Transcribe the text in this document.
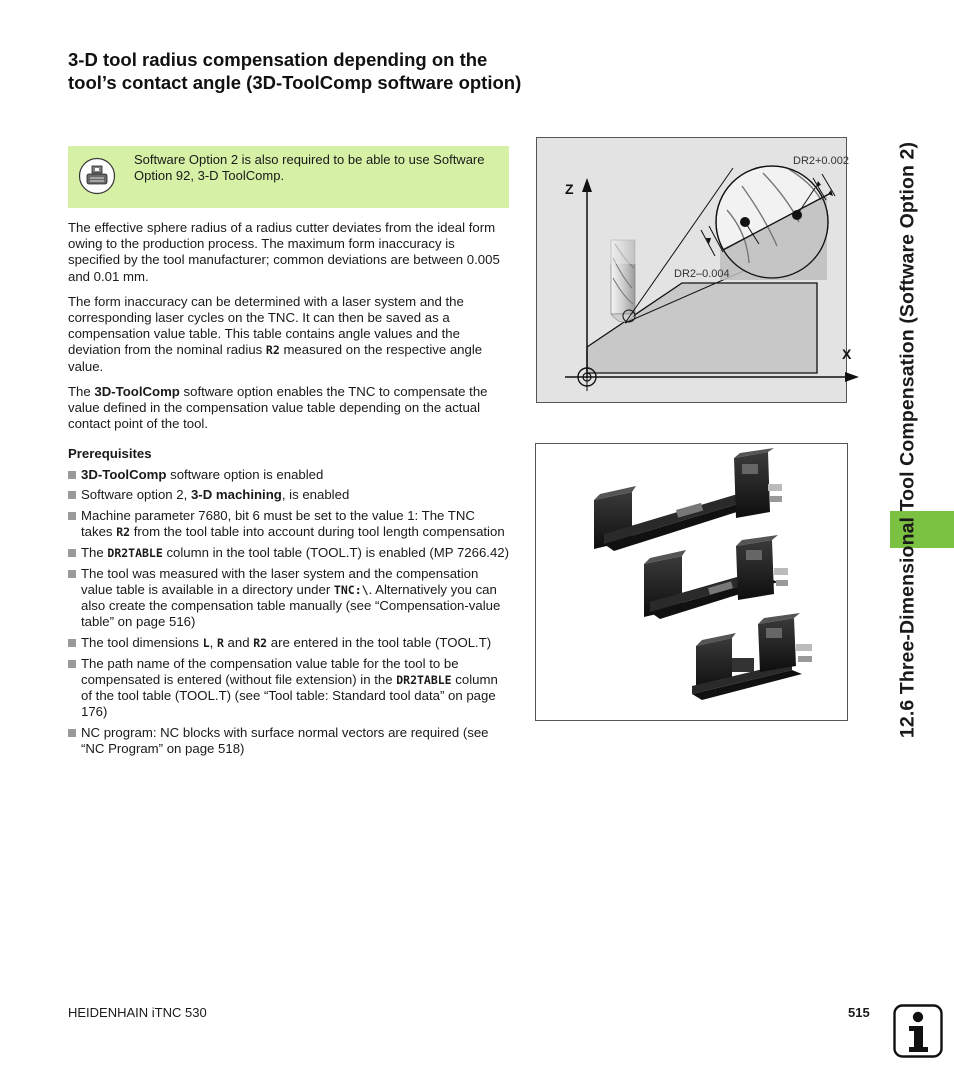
3-D tool radius compensation depending on the tool’s contact angle (3D-ToolComp software option)
Software Option 2 is also required to be able to use Software Option 92, 3-D ToolComp.

The effective sphere radius of a radius cutter deviates from the ideal form owing to the production process. The maximum form inaccuracy is specified by the tool manufacturer; common deviations are between 0.005 and 0.01 mm.

The form inaccuracy can be determined with a laser system and the corresponding laser cycles on the TNC. It can then be saved as a compensation value table. This table contains angle values and the deviation from the nominal radius R2 measured on the respective angle value.

The 3D-ToolComp software option enables the TNC to compensate the value defined in the compensation value table depending on the actual contact point of the tool.

Prerequisites
3D-ToolComp software option is enabled
Software option 2, 3-D machining, is enabled
Machine parameter 7680, bit 6 must be set to the value 1: The TNC takes R2 from the tool table into account during tool length compensation
The DR2TABLE column in the tool table (TOOL.T) is enabled (MP 7266.42)
The tool was measured with the laser system and the compensation value table is available in a directory under TNC:\. Alternatively you can also create the compensation table manually (see “Compensation-value table” on page 516)
The tool dimensions L, R and R2 are entered in the tool table (TOOL.T)
The path name of the compensation value table for the tool to be compensated is entered (without file extension) in the DR2TABLE column of the tool table (TOOL.T) (see “Tool table: Standard tool data” on page 176)
NC program: NC blocks with surface normal vectors are required (see “NC Program” on page 518)
Z
X
DR2+0.002
DR2–0.004	12.6 Three-Dimensional Tool Compensation (Software Option 2)
HEIDENHAIN iTNC 530	515
